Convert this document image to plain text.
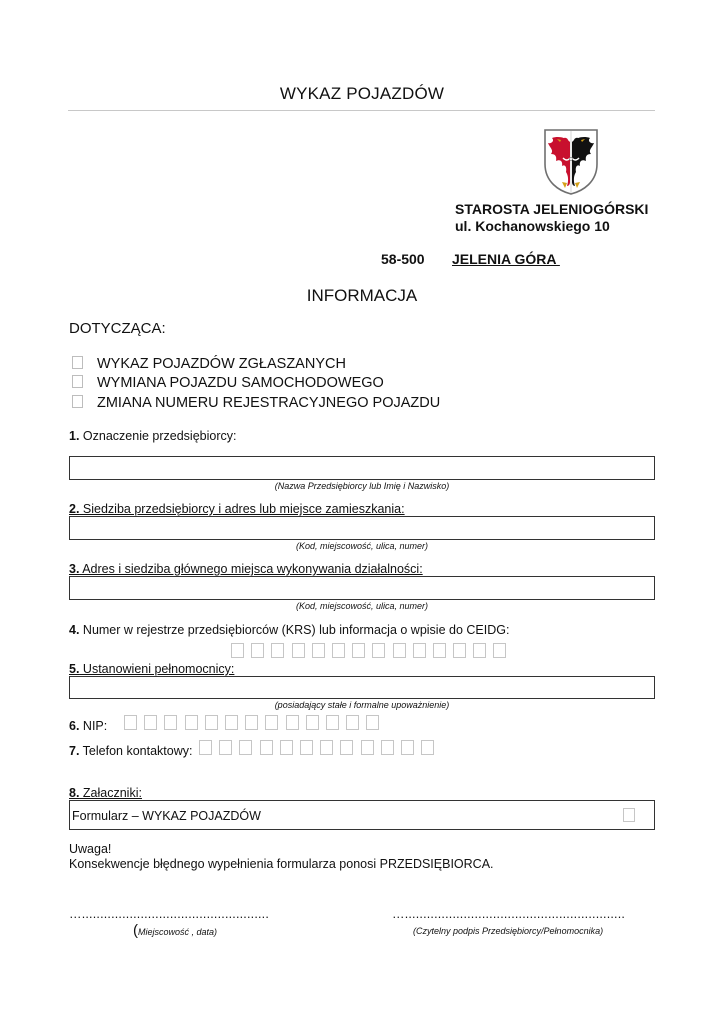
WYKAZ POJAZDÓW
STAROSTA JELENIOGÓRSKI
ul. Kochanowskiego 10
58-500 JELENIA GÓRA
INFORMACJA
DOTYCZĄCA:
WYKAZ POJAZDÓW ZGŁASZANYCH
WYMIANA POJAZDU SAMOCHODOWEGO
ZMIANA NUMERU REJESTRACYJNEGO POJAZDU
1. Oznaczenie przedsiębiorcy:
(Nazwa Przedsiębiorcy lub Imię i Nazwisko)
2. Siedziba przedsiębiorcy i adres lub miejsce zamieszkania:
(Kod, miejscowość, ulica, numer)
3. Adres i siedziba głównego miejsca wykonywania działalności:
(Kod, miejscowość, ulica, numer)
4. Numer w rejestrze przedsiębiorców (KRS) lub informacja o wpisie do CEIDG:
5. Ustanowieni pełnomocnicy:
(posiadający stałe i formalne upoważnienie)
6. NIP:
7. Telefon kontaktowy:
8. Załaczniki:
Formularz – WYKAZ POJAZDÓW
Uwaga!
Konsekwencje błędnego wypełnienia formularza ponosi PRZEDSIĘBIORCA.
…...................................................
(Miejscowość , data)
…............................................................
(Czytelny podpis Przedsiębiorcy/Pełnomocnika)
